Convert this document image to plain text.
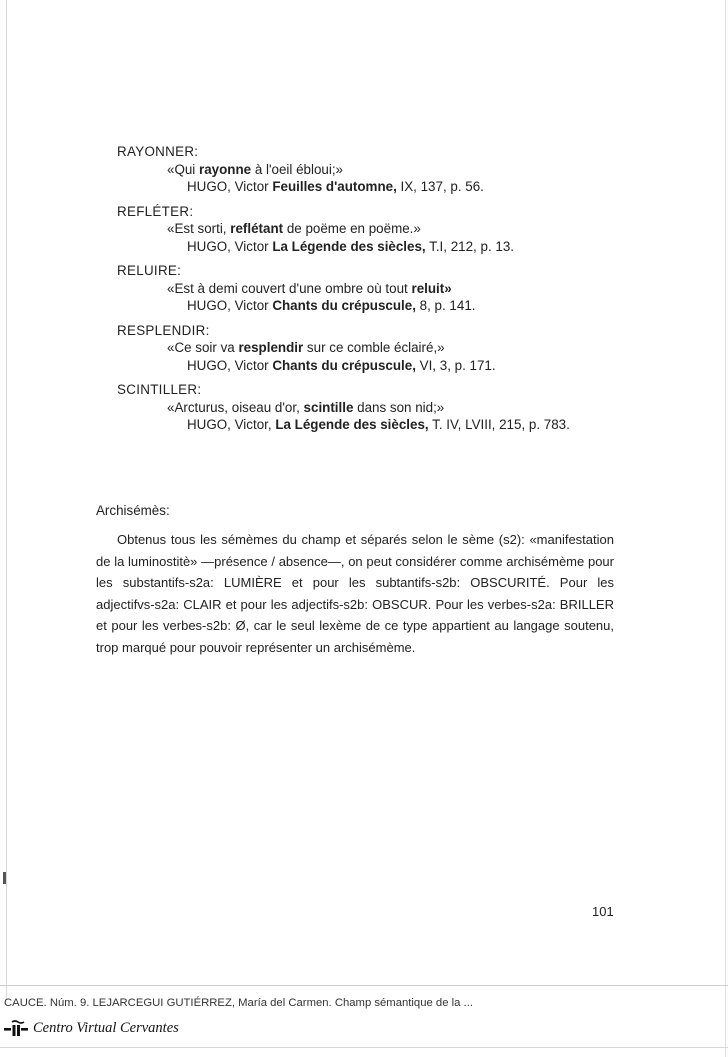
RAYONNER:
«Qui rayonne à l'oeil ébloui;»
HUGO, Victor Feuilles d'automne, IX, 137, p. 56.
REFLÉTER:
«Est sorti, reflétant de poëme en poëme.»
HUGO, Victor La Légende des siècles, T.I, 212, p. 13.
RELUIRE:
«Est à demi couvert d'une ombre où tout reluit»
HUGO, Victor Chants du crépuscule, 8, p. 141.
RESPLENDIR:
«Ce soir va resplendir sur ce comble éclairé,»
HUGO, Victor Chants du crépuscule, VI, 3, p. 171.
SCINTILLER:
«Arcturus, oiseau d'or, scintille dans son nid;»
HUGO, Victor, La Légende des siècles, T. IV, LVIII, 215, p. 783.
Archisémès:
Obtenus tous les sémèmes du champ et séparés selon le sème (s2): «manifestation de la luminostitè» —présence / absence—, on peut considérer comme archisémème pour les substantifs-s2a: LUMIÈRE et pour les subtantifs-s2b: OBSCURITÉ. Pour les adjectifvs-s2a: CLAIR et pour les adjectifs-s2b: OBSCUR. Pour les verbes-s2a: BRILLER et pour les verbes-s2b: Ø, car le seul lexème de ce type appartient au langage soutenu, trop marqué pour pouvoir représenter un archisémème.
101
CAUCE. Núm. 9. LEJARCEGUI GUTIÉRREZ, María del Carmen. Champ sémantique de la ...
Centro Virtual Cervantes
